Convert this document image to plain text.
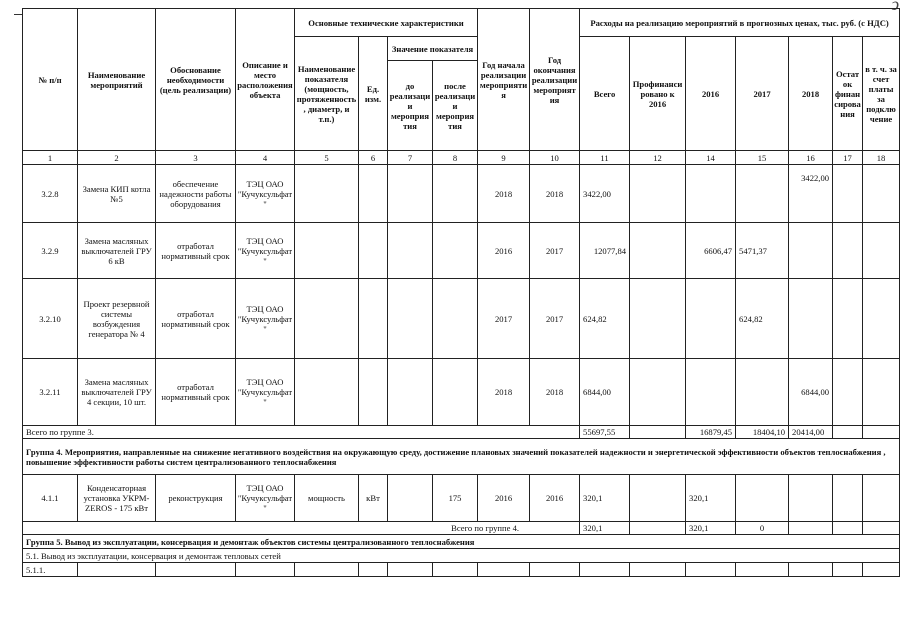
ↄ
№ п/п	Наименование мероприятий	Обоснование необходимости (цель реализации)	Описание и место расположения объекта	Основные технические характеристики				Год начала реализации мероприятия	Год окончания реализации мероприятия	Расходы на реализацию мероприятий в прогнозных ценах, тыс. руб. (с НДС)						
				Наименование показателя (мощность, протяженность, диаметр, и т.п.)	Ед. изм.	Значение показателя				Всего	Профинансировано к 2016	2016	2017	2018	Остаток финансирования	в т. ч. за счет платы за подключение
						до реализации мероприятия	после реализации мероприятия									
1	2	3	4	5	6	7	8	9	10	11	12	14	15	16	17	18
3.2.8	Замена КИП котла №5	обеспечение надежности работы оборудования	ТЭЦ ОАО "Кучуксульфат"					2018	2018	3422,00				3422,00		
3.2.9	Замена масляных выключателей ГРУ 6 кВ	отработал нормативный срок	ТЭЦ ОАО "Кучуксульфат"					2016	2017	12077,84		6606,47	5471,37			
3.2.10	Проект резервной системы возбуждения генератора № 4	отработал нормативный срок	ТЭЦ ОАО "Кучуксульфат"					2017	2017	624,82			624,82			
3.2.11	Замена масляных выключателей ГРУ 4 секции, 10 шт.	отработал нормативный срок	ТЭЦ ОАО "Кучуксульфат"					2018	2018	6844,00				6844,00		
Всего по группе 3.										55697,55		16879,45	18404,10	20414,00		
Группа 4. Мероприятия, направленные на снижение негативного воздействия на окружающую среду, достижение плановых значений показателей надежности и энергетической эффективности объектов теплоснабжения , повышение эффективности работы систем централизованного теплоснабжения																
4.1.1	Конденсаторная установка УКРМ-ZEROS - 175 кВт	реконструкция	ТЭЦ ОАО "Кучуксульфат"	мощность	кВт		175	2016	2016	320,1		320,1				
Всего по группе 4.										320,1		320,1	0			
Группа 5. Вывод из эксплуатации, консервация и демонтаж объектов системы централизованного теплоснабжения																
5.1. Вывод из эксплуатации, консервация и демонтаж тепловых сетей																
5.1.1.																
